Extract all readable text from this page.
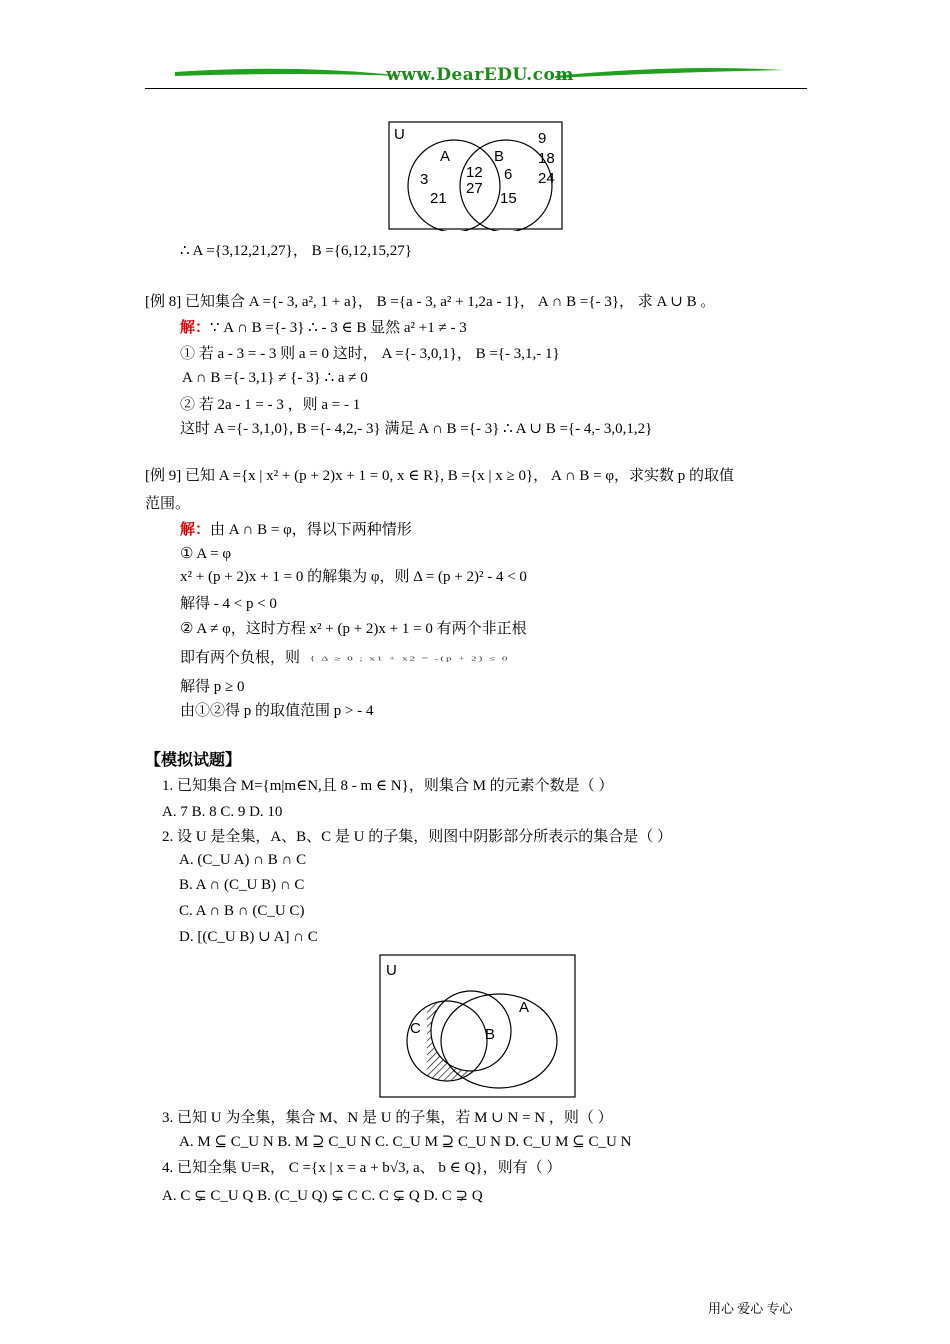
www.DearEDU.com
U
A	B
3
21
12
27
6
15
9
18
24
∴ A ={3,12,21,27}， B ={6,12,15,27}
[例 8] 已知集合 A ={- 3, a², 1 + a}， B ={a - 3, a² + 1,2a - 1}， A ∩ B ={- 3}， 求 A ∪ B 。
解：∵ A ∩ B ={- 3} ∴ - 3 ∈ B 显然 a² +1 ≠ - 3
① 若 a - 3 = - 3 则 a = 0 这时， A ={- 3,0,1}， B ={- 3,1,- 1}
A ∩ B ={- 3,1} ≠ {- 3} ∴ a ≠ 0
② 若 2a - 1 = - 3 ，则 a = - 1
这时 A ={- 3,1,0}, B ={- 4,2,- 3} 满足 A ∩ B ={- 3} ∴ A ∪ B ={- 4,- 3,0,1,2}
[例 9] 已知 A ={x | x² + (p + 2)x + 1 = 0, x ∈ R}, B ={x | x ≥ 0}， A ∩ B = φ，求实数 p 的取值
范围。
解：由 A ∩ B = φ，得以下两种情形
① A = φ
x² + (p + 2)x + 1 = 0 的解集为 φ，则 Δ = (p + 2)² - 4 < 0
解得 - 4 < p < 0
② A ≠ φ，这时方程 x² + (p + 2)x + 1 = 0 有两个非正根
即有两个负根，则 { Δ ≥ 0 ; x1 + x2 = -(p + 2) ≤ 0
解得 p ≥ 0
由①②得 p 的取值范围 p > - 4
【模拟试题】
1. 已知集合 M={m|m∈N,且 8 - m ∈ N}，则集合 M 的元素个数是（ ）
A. 7 B. 8 C. 9 D. 10
2. 设 U 是全集，A、B、C 是 U 的子集，则图中阴影部分所表示的集合是（ ）
A. (C_U A) ∩ B ∩ C
B. A ∩ (C_U B) ∩ C
C. A ∩ B ∩ (C_U C)
D. [(C_U B) ∪ A] ∩ C
U
A
B
C
3. 已知 U 为全集，集合 M、N 是 U 的子集，若 M ∪ N = N ，则（ ）
A. M ⊆ C_U N B. M ⊇ C_U N C. C_U M ⊇ C_U N D. C_U M ⊆ C_U N
4. 已知全集 U=R， C ={x | x = a + b√3, a、 b ∈ Q}，则有（ ）
A. C ⊊ C_U Q B. (C_U Q) ⊊ C C. C ⊊ Q D. C ⊋ Q
用心 爱心 专心
